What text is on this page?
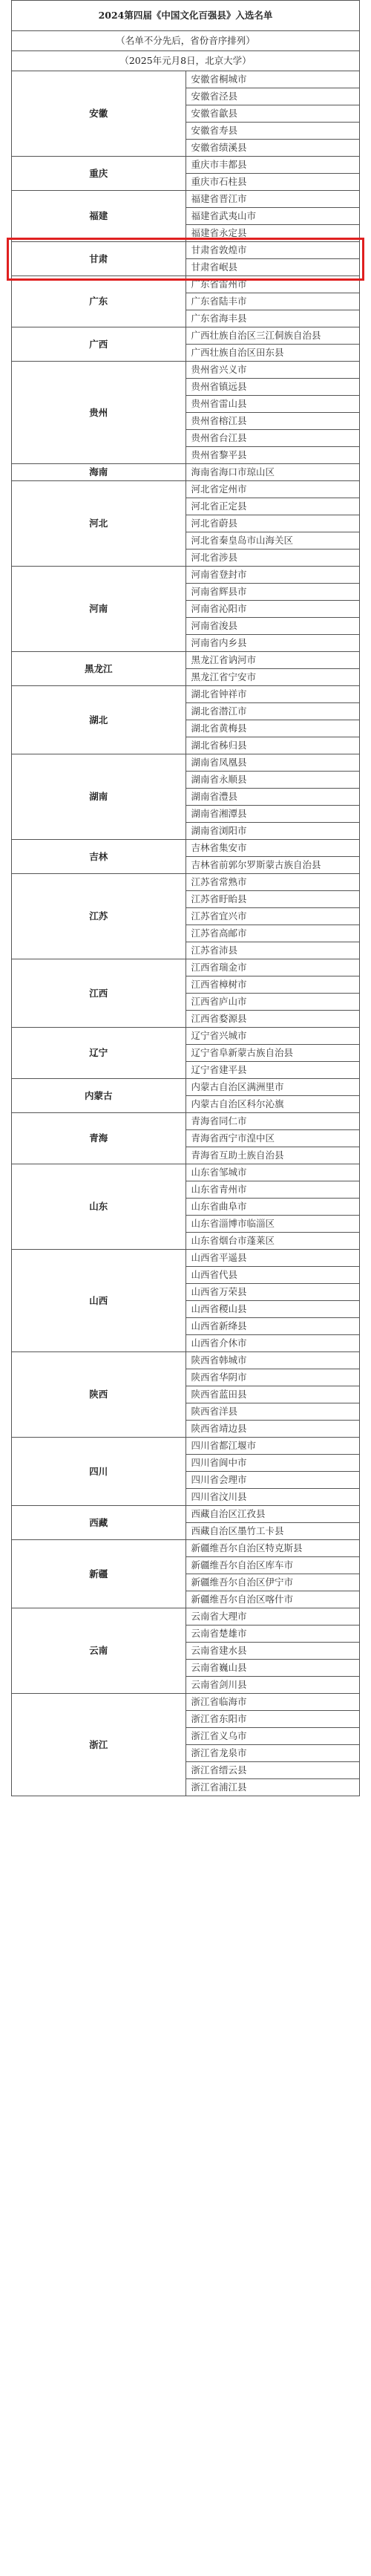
2024第四届《中国文化百强县》入选名单	
（名单不分先后，省份音序排列）	
（2025年元月8日，北京大学）	
安徽	安徽省桐城市
	安徽省泾县
	安徽省歙县
	安徽省寿县
	安徽省绩溪县
重庆	重庆市丰都县
	重庆市石柱县
福建	福建省晋江市
	福建省武夷山市
	福建省永定县
甘肃	甘肃省敦煌市
	甘肃省岷县
广东	广东省雷州市
	广东省陆丰市
	广东省海丰县
广西	广西壮族自治区三江侗族自治县
	广西壮族自治区田东县
贵州	贵州省兴义市
	贵州省镇远县
	贵州省雷山县
	贵州省榕江县
	贵州省台江县
	贵州省黎平县
海南	海南省海口市琼山区
河北	河北省定州市
	河北省正定县
	河北省蔚县
	河北省秦皇岛市山海关区
	河北省涉县
河南	河南省登封市
	河南省辉县市
	河南省沁阳市
	河南省浚县
	河南省内乡县
黑龙江	黑龙江省讷河市
	黑龙江省宁安市
湖北	湖北省钟祥市
	湖北省潜江市
	湖北省黄梅县
	湖北省秭归县
湖南	湖南省凤凰县
	湖南省永顺县
	湖南省澧县
	湖南省湘潭县
	湖南省浏阳市
吉林	吉林省集安市
	吉林省前郭尔罗斯蒙古族自治县
江苏	江苏省常熟市
	江苏省盱眙县
	江苏省宜兴市
	江苏省高邮市
	江苏省沛县
江西	江西省瑞金市
	江西省樟树市
	江西省庐山市
	江西省婺源县
辽宁	辽宁省兴城市
	辽宁省阜新蒙古族自治县
	辽宁省建平县
内蒙古	内蒙古自治区满洲里市
	内蒙古自治区科尔沁旗
青海	青海省同仁市
	青海省西宁市湟中区
	青海省互助土族自治县
山东	山东省邹城市
	山东省青州市
	山东省曲阜市
	山东省淄博市临淄区
	山东省烟台市蓬莱区
山西	山西省平遥县
	山西省代县
	山西省万荣县
	山西省稷山县
	山西省新绛县
	山西省介休市
陕西	陕西省韩城市
	陕西省华阴市
	陕西省蓝田县
	陕西省洋县
	陕西省靖边县
四川	四川省都江堰市
	四川省阆中市
	四川省会理市
	四川省汶川县
西藏	西藏自治区江孜县
	西藏自治区墨竹工卡县
新疆	新疆维吾尔自治区特克斯县
	新疆维吾尔自治区库车市
	新疆维吾尔自治区伊宁市
	新疆维吾尔自治区喀什市
云南	云南省大理市
	云南省楚雄市
	云南省建水县
	云南省巍山县
	云南省剑川县
浙江	浙江省临海市
	浙江省东阳市
	浙江省义乌市
	浙江省龙泉市
	浙江省缙云县
	浙江省浦江县
